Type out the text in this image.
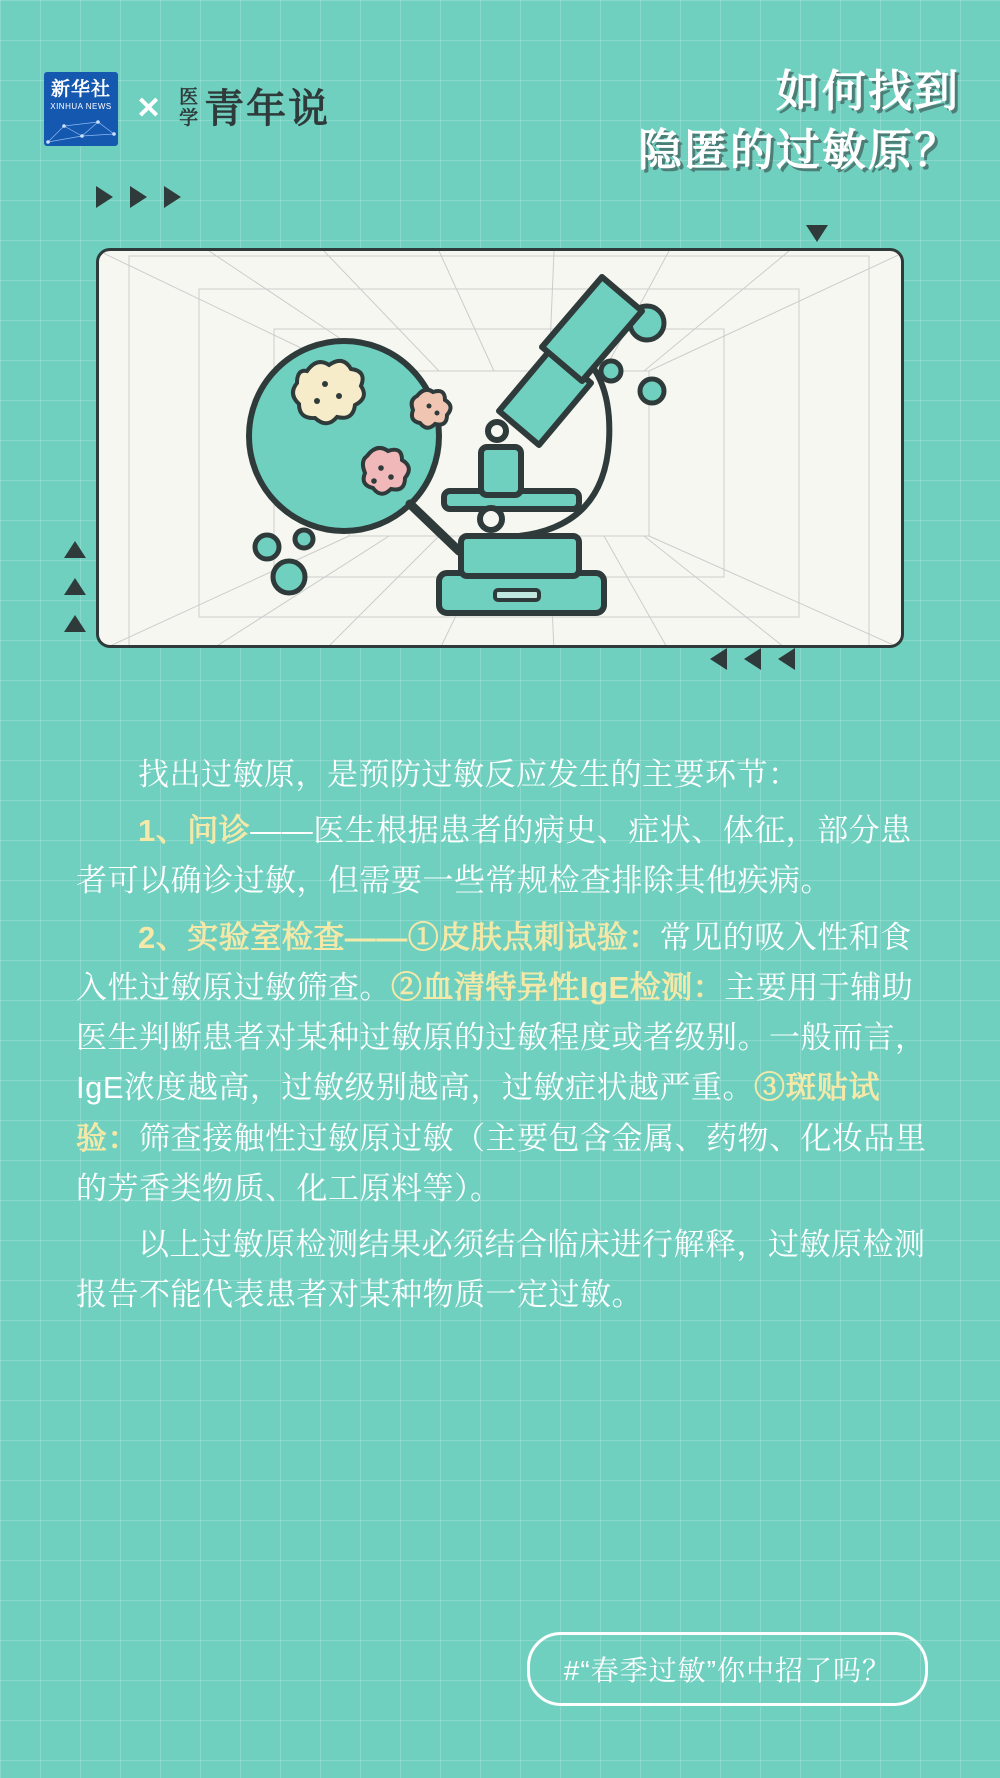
新华社
XINHUA NEWS ✕ 医
学 青年说	如何找到
隐匿的过敏原？

找出过敏原，是预防过敏反应发生的主要环节：

1、问诊——医生根据患者的病史、症状、体征，部分患者可以确诊过敏，但需要一些常规检查排除其他疾病。

2、实验室检查——①皮肤点刺试验：常见的吸入性和食入性过敏原过敏筛查。②血清特异性IgE检测：主要用于辅助医生判断患者对某种过敏原的过敏程度或者级别。一般而言，IgE浓度越高，过敏级别越高，过敏症状越严重。③斑贴试验：筛查接触性过敏原过敏（主要包含金属、药物、化妆品里的芳香类物质、化工原料等）。

以上过敏原检测结果必须结合临床进行解释，过敏原检测报告不能代表患者对某种物质一定过敏。

#“春季过敏”你中招了吗？
